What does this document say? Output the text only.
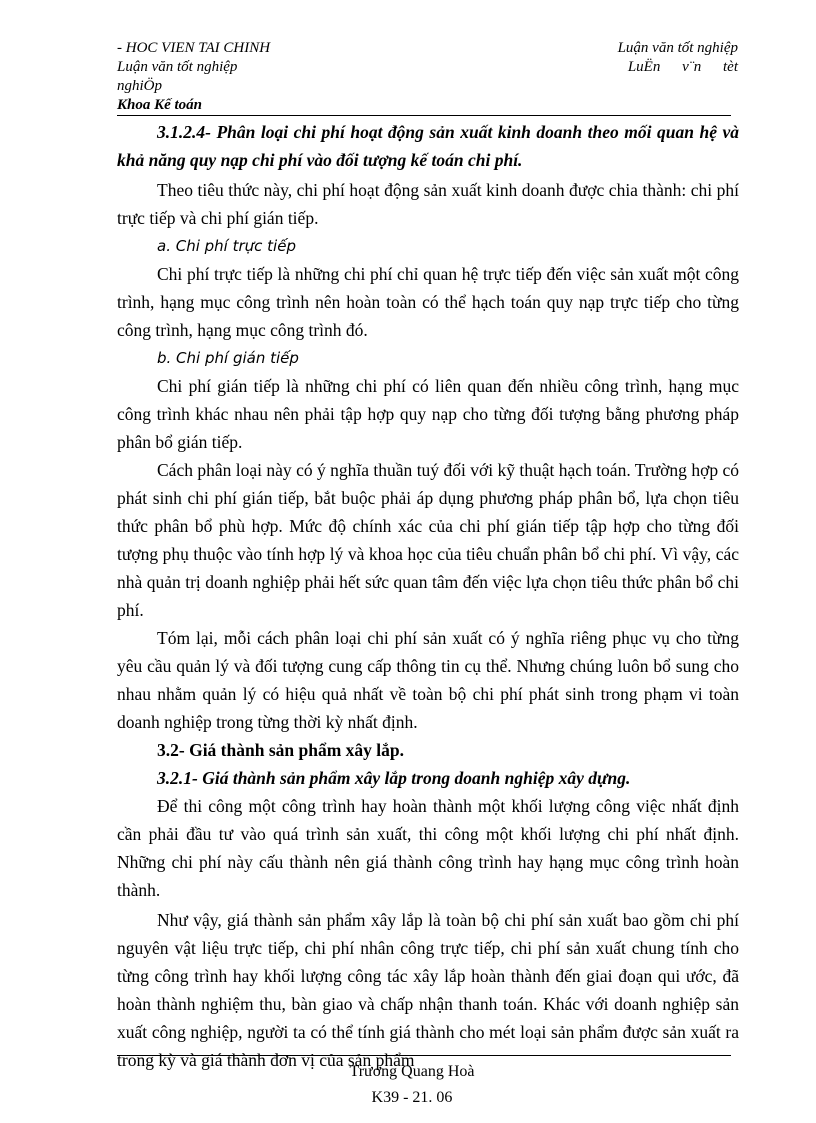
- HOC VIEN TAI CHINH	Luận văn tốt nghiệp
Luận văn tốt nghiệp	LuËn v¨n tèt
nghiÖp
Khoa Kế toán

3.1.2.4- Phân loại chi phí hoạt động sản xuất kinh doanh theo mối quan hệ và khả năng quy nạp chi phí vào đối tượng kế toán chi phí.

Theo tiêu thức này, chi phí hoạt động sản xuất kinh doanh được chia thành: chi phí trực tiếp và chi phí gián tiếp.

a. Chi phí trực tiếp

Chi phí trực tiếp là những chi phí chỉ quan hệ trực tiếp đến việc sản xuất một công trình, hạng mục công trình nên hoàn toàn có thể hạch toán quy nạp trực tiếp cho từng công trình, hạng mục công trình đó.

b. Chi phí gián tiếp

Chi phí gián tiếp là những chi phí có liên quan đến nhiều công trình, hạng mục công trình khác nhau nên phải tập hợp quy nạp cho từng đối tượng bằng phương pháp phân bổ gián tiếp.

Cách phân loại này có ý nghĩa thuần tuý đối với kỹ thuật hạch toán. Trường hợp có phát sinh chi phí gián tiếp, bắt buộc phải áp dụng phương pháp phân bổ, lựa chọn tiêu thức phân bổ phù hợp. Mức độ chính xác của chi phí gián tiếp tập hợp cho từng đối tượng phụ thuộc vào tính hợp lý và khoa học của tiêu chuẩn phân bổ chi phí. Vì vậy, các nhà quản trị doanh nghiệp phải hết sức quan tâm đến việc lựa chọn tiêu thức phân bổ chi phí.

Tóm lại, mỗi cách phân loại chi phí sản xuất có ý nghĩa riêng phục vụ cho từng yêu cầu quản lý và đối tượng cung cấp thông tin cụ thể. Nhưng chúng luôn bổ sung cho nhau nhằm quản lý có hiệu quả nhất về toàn bộ chi phí phát sinh trong phạm vi toàn doanh nghiệp trong từng thời kỳ nhất định.

3.2- Giá thành sản phẩm xây lắp.

3.2.1- Giá thành sản phẩm xây lắp trong doanh nghiệp xây dựng.

Để thi công một công trình hay hoàn thành một khối lượng công việc nhất định cần phải đầu tư vào quá trình sản xuất, thi công một khối lượng chi phí nhất định. Những chi phí này cấu thành nên giá thành công trình hay hạng mục công trình hoàn thành.

Như vậy, giá thành sản phẩm xây lắp là toàn bộ chi phí sản xuất bao gồm chi phí nguyên vật liệu trực tiếp, chi phí nhân công trực tiếp, chi phí sản xuất chung tính cho từng công trình hay khối lượng công tác xây lắp hoàn thành đến giai đoạn qui ước, đã hoàn thành nghiệm thu, bàn giao và chấp nhận thanh toán. Khác với doanh nghiệp sản xuất công nghiệp, người ta có thể tính giá thành cho mét loại sản phẩm được sản xuất ra trong kỳ và giá thành đơn vị của sản phẩm

Trương Quang Hoà
K39 - 21. 06
